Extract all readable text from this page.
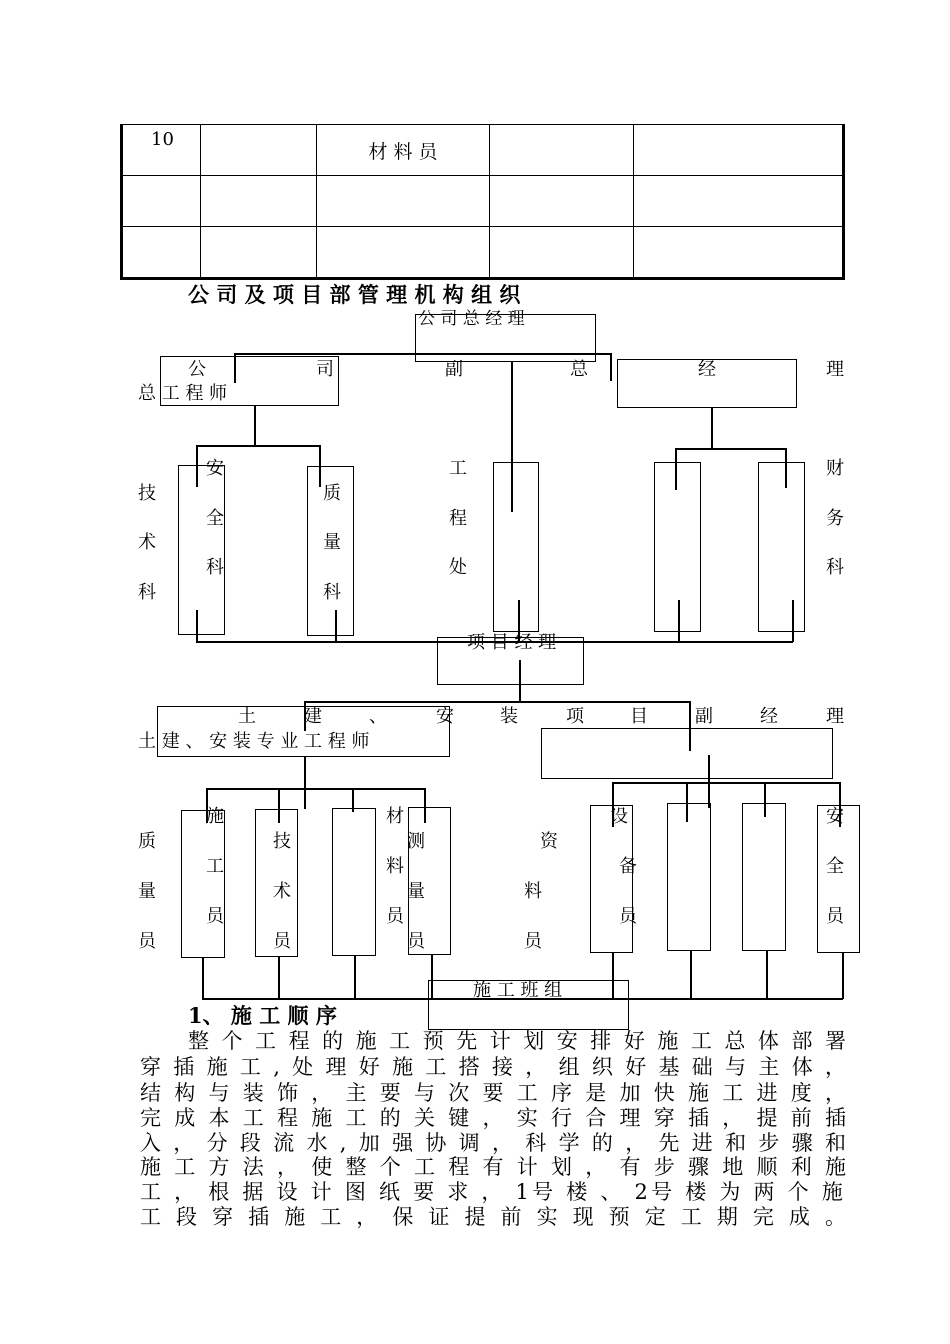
10		材 料 员		

公 司 及 项 目 部 管 理 机 构 组 织
公 司 总 经 理
公	司	副	总	经	理
总 工 程 师
安
全
科
技
术
科
质
量
科
工
程
处
财
务
科
项 目 经 理
土	建	、	安	装	项	目	副	经	理
土 建 、 安 装 专 业 工 程 师
施
工
员
质
量
员
技
术
员
材
料
员
测
量
员
资
料
员
设
备
员
安
全
员
施 工 班 组
1、 施 工 顺 序
整 个 工 程 的 施 工 预 先 计 划 安 排 好 施 工 总 体 部 署
穿 插 施 工 , 处 理 好 施 工 搭 接 ， 组 织 好 基 础 与 主 体 ，
结 构 与 装 饰 ， 主 要 与 次 要 工 序 是 加 快 施 工 进 度 ，
完 成 本 工 程 施 工 的 关 键 ， 实 行 合 理 穿 插 ， 提 前 插
入 ， 分 段 流 水 , 加 强 协 调 ， 科 学 的 ， 先 进 和 步 骤 和
施 工 方 法 ， 使 整 个 工 程 有 计 划 ， 有 步 骤 地 顺 利 施
工 ， 根 据 设 计 图 纸 要 求 ， 1号 楼 、 2号 楼 为 两 个 施
工 段 穿 插 施 工 ， 保 证 提 前 实 现 预 定 工 期 完 成 。
